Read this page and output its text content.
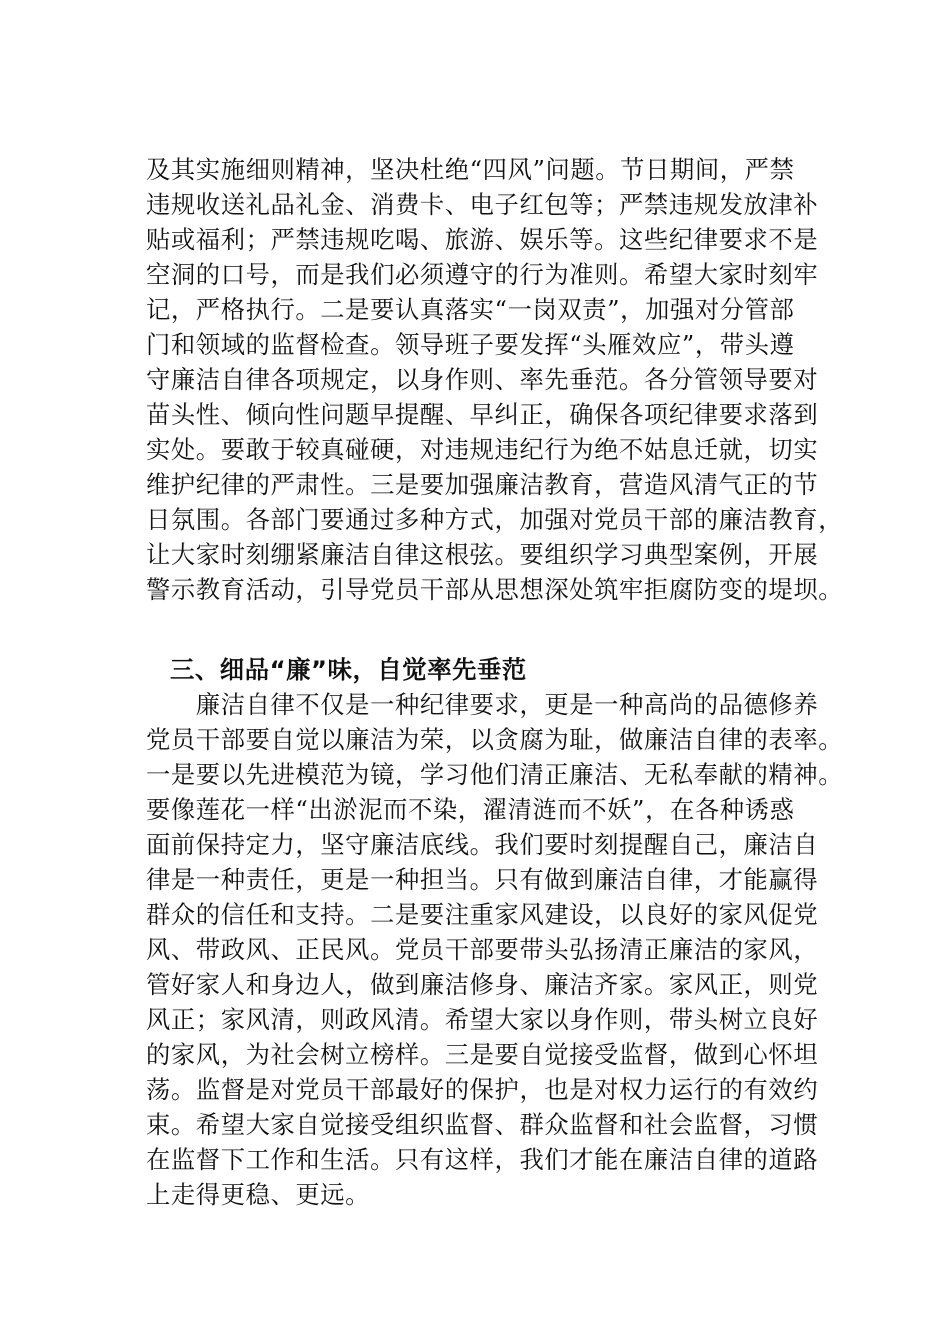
及其实施细则精神，坚决杜绝“四风”问题。节日期间，严禁
违规收送礼品礼金、消费卡、电子红包等；严禁违规发放津补
贴或福利；严禁违规吃喝、旅游、娱乐等。这些纪律要求不是
空洞的口号，而是我们必须遵守的行为准则。希望大家时刻牢
记，严格执行。二是要认真落实“一岗双责”，加强对分管部
门和领域的监督检查。领导班子要发挥“头雁效应”，带头遵
守廉洁自律各项规定，以身作则、率先垂范。各分管领导要对
苗头性、倾向性问题早提醒、早纠正，确保各项纪律要求落到
实处。要敢于较真碰硬，对违规违纪行为绝不姑息迁就，切实
维护纪律的严肃性。三是要加强廉洁教育，营造风清气正的节
日氛围。各部门要通过多种方式，加强对党员干部的廉洁教育，
让大家时刻绷紧廉洁自律这根弦。要组织学习典型案例，开展
警示教育活动，引导党员干部从思想深处筑牢拒腐防变的堤坝。
三、细品“廉”味，自觉率先垂范
　　廉洁自律不仅是一种纪律要求，更是一种高尚的品德修养
党员干部要自觉以廉洁为荣，以贪腐为耻，做廉洁自律的表率。
一是要以先进模范为镜，学习他们清正廉洁、无私奉献的精神。
要像莲花一样“出淤泥而不染，濯清涟而不妖”，在各种诱惑
面前保持定力，坚守廉洁底线。我们要时刻提醒自己，廉洁自
律是一种责任，更是一种担当。只有做到廉洁自律，才能赢得
群众的信任和支持。二是要注重家风建设，以良好的家风促党
风、带政风、正民风。党员干部要带头弘扬清正廉洁的家风，
管好家人和身边人，做到廉洁修身、廉洁齐家。家风正，则党
风正；家风清，则政风清。希望大家以身作则，带头树立良好
的家风，为社会树立榜样。三是要自觉接受监督，做到心怀坦
荡。监督是对党员干部最好的保护，也是对权力运行的有效约
束。希望大家自觉接受组织监督、群众监督和社会监督，习惯
在监督下工作和生活。只有这样，我们才能在廉洁自律的道路
上走得更稳、更远。
